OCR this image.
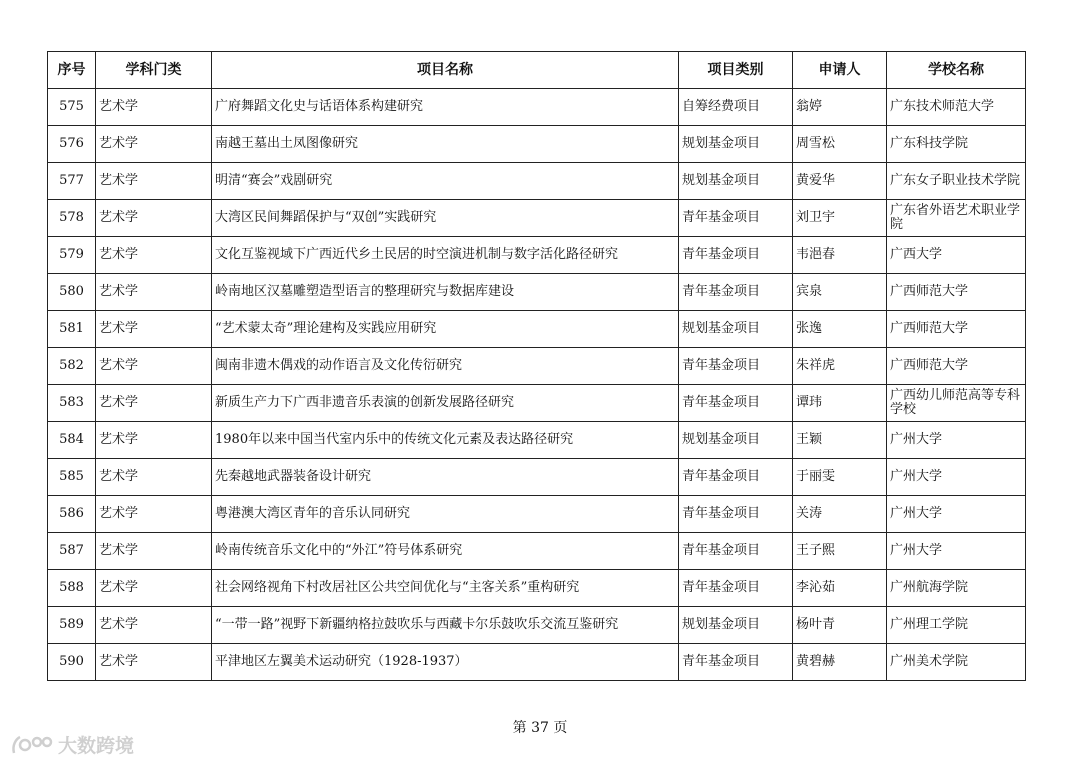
序号	学科门类	项目名称	项目类别	申请人	学校名称
575	艺术学	广府舞蹈文化史与话语体系构建研究	自筹经费项目	翁婷	广东技术师范大学
576	艺术学	南越王墓出土凤图像研究	规划基金项目	周雪松	广东科技学院
577	艺术学	明清“赛会”戏剧研究	规划基金项目	黄爱华	广东女子职业技术学院
578	艺术学	大湾区民间舞蹈保护与“双创”实践研究	青年基金项目	刘卫宇	广东省外语艺术职业学院
579	艺术学	文化互鉴视域下广西近代乡土民居的时空演进机制与数字活化路径研究	青年基金项目	韦浥春	广西大学
580	艺术学	岭南地区汉墓雕塑造型语言的整理研究与数据库建设	青年基金项目	宾泉	广西师范大学
581	艺术学	“艺术蒙太奇”理论建构及实践应用研究	规划基金项目	张逸	广西师范大学
582	艺术学	闽南非遗木偶戏的动作语言及文化传衍研究	青年基金项目	朱祥虎	广西师范大学
583	艺术学	新质生产力下广西非遗音乐表演的创新发展路径研究	青年基金项目	谭玮	广西幼儿师范高等专科学校
584	艺术学	1980年以来中国当代室内乐中的传统文化元素及表达路径研究	规划基金项目	王颖	广州大学
585	艺术学	先秦越地武器装备设计研究	青年基金项目	于丽雯	广州大学
586	艺术学	粤港澳大湾区青年的音乐认同研究	青年基金项目	关涛	广州大学
587	艺术学	岭南传统音乐文化中的“外江”符号体系研究	青年基金项目	王子熙	广州大学
588	艺术学	社会网络视角下村改居社区公共空间优化与“主客关系”重构研究	青年基金项目	李沁茹	广州航海学院
589	艺术学	“一带一路”视野下新疆纳格拉鼓吹乐与西藏卡尔乐鼓吹乐交流互鉴研究	规划基金项目	杨叶青	广州理工学院
590	艺术学	平津地区左翼美术运动研究（1928-1937）	青年基金项目	黄碧赫	广州美术学院
第 37 页
大数跨境
